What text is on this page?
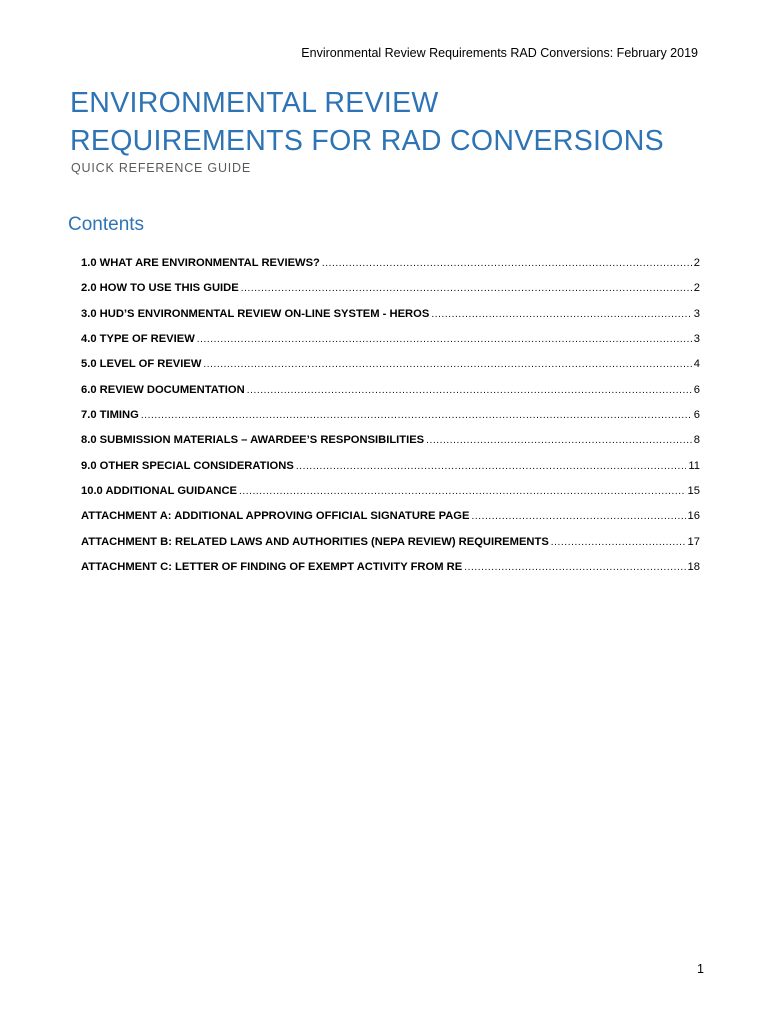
Environmental Review Requirements RAD Conversions: February 2019
ENVIRONMENTAL REVIEW
REQUIREMENTS FOR RAD CONVERSIONS
QUICK REFERENCE GUIDE
Contents
1.0 WHAT ARE ENVIRONMENTAL REVIEWS? .....	2
2.0 HOW TO USE THIS GUIDE .....	2
3.0 HUD’S ENVIRONMENTAL REVIEW ON-LINE SYSTEM - HEROS .....	3
4.0 TYPE OF REVIEW .....	3
5.0 LEVEL OF REVIEW .....	4
6.0 REVIEW DOCUMENTATION .....	6
7.0 TIMING .....	6
8.0 SUBMISSION MATERIALS – AWARDEE’S RESPONSIBILITIES .....	8
9.0 OTHER SPECIAL CONSIDERATIONS .....	11
10.0 ADDITIONAL GUIDANCE .....	15
ATTACHMENT A: ADDITIONAL APPROVING OFFICIAL SIGNATURE PAGE .....	16
ATTACHMENT B: RELATED LAWS AND AUTHORITIES (NEPA REVIEW) REQUIREMENTS .....	17
ATTACHMENT C: LETTER OF FINDING OF EXEMPT ACTIVITY FROM RE .....	18
1
